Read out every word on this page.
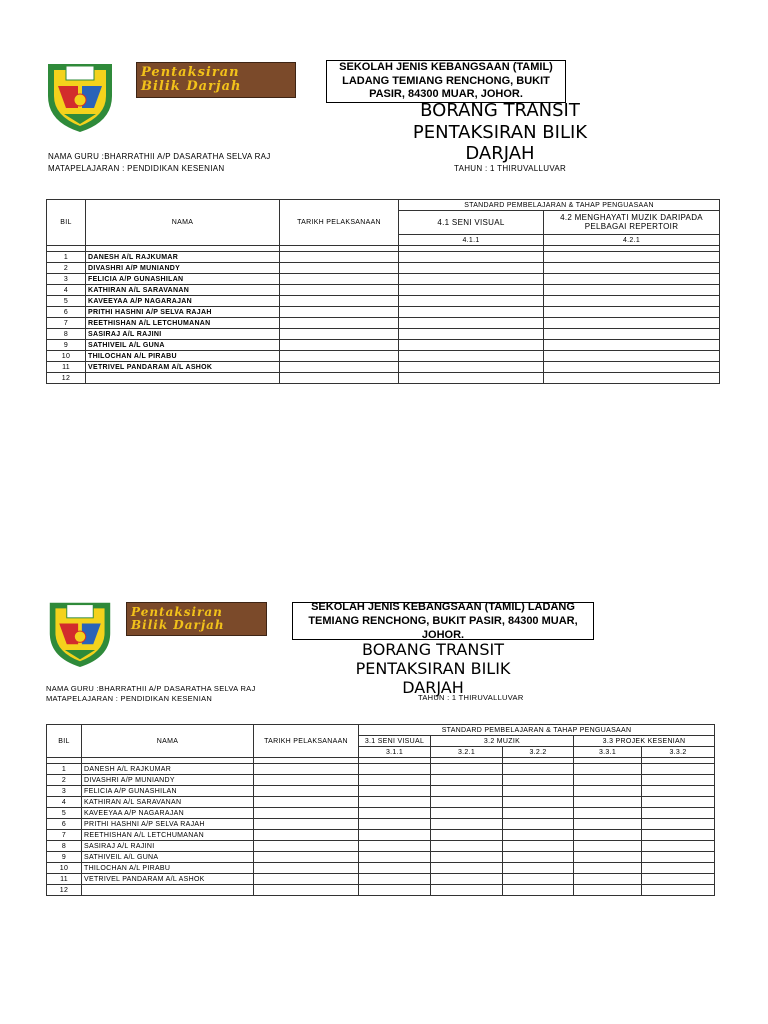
Pentaksiran
Bilik Darjah
SEKOLAH JENIS KEBANGSAAN (TAMIL) LADANG TEMIANG RENCHONG, BUKIT PASIR, 84300 MUAR, JOHOR.
BORANG TRANSIT
PENTAKSIRAN BILIK
DARJAH
NAMA GURU :BHARRATHII A/P DASARATHA SELVA RAJ
MATAPELAJARAN : PENDIDIKAN KESENIAN	TAHUN : 1 THIRUVALLUVAR
BIL	NAMA	TARIKH PELAKSANAAN	STANDARD PEMBELAJARAN & TAHAP PENGUASAAN	
			4.1 SENI VISUAL	4.2 MENGHAYATI MUZIK DARIPADA PELBAGAI REPERTOIR
			4.1.1	4.2.1

1	DANESH A/L RAJKUMAR			
2	DIVASHRI A/P MUNIANDY			
3	FELICIA A/P GUNASHILAN			
4	KATHIRAN A/L SARAVANAN			
5	KAVEEYAA A/P NAGARAJAN			
6	PRITHI HASHNI A/P SELVA RAJAH			
7	REETHISHAN A/L LETCHUMANAN			
8	SASIRAJ A/L RAJINI			
9	SATHIVEIL A/L GUNA			
10	THILOCHAN A/L PIRABU			
11	VETRIVEL PANDARAM A/L ASHOK			
12				
Pentaksiran
Bilik Darjah
SEKOLAH JENIS KEBANGSAAN (TAMIL) LADANG TEMIANG RENCHONG, BUKIT PASIR, 84300 MUAR, JOHOR.
BORANG TRANSIT
PENTAKSIRAN BILIK
DARJAH
NAMA GURU :BHARRATHII A/P DASARATHA SELVA RAJ
MATAPELAJARAN : PENDIDIKAN KESENIAN	TAHUN : 1 THIRUVALLUVAR
BIL	NAMA	TARIKH PELAKSANAAN	STANDARD PEMBELAJARAN & TAHAP PENGUASAAN				
			3.1 SENI VISUAL	3.2 MUZIK		3.3 PROJEK KESENIAN	
			3.1.1	3.2.1	3.2.2	3.3.1	3.3.2

1	DANESH A/L RAJKUMAR						
2	DIVASHRI A/P MUNIANDY						
3	FELICIA A/P GUNASHILAN						
4	KATHIRAN A/L SARAVANAN						
5	KAVEEYAA A/P NAGARAJAN						
6	PRITHI HASHNI A/P SELVA RAJAH						
7	REETHISHAN A/L LETCHUMANAN						
8	SASIRAJ A/L RAJINI						
9	SATHIVEIL A/L GUNA						
10	THILOCHAN A/L PIRABU						
11	VETRIVEL PANDARAM A/L ASHOK						
12							
